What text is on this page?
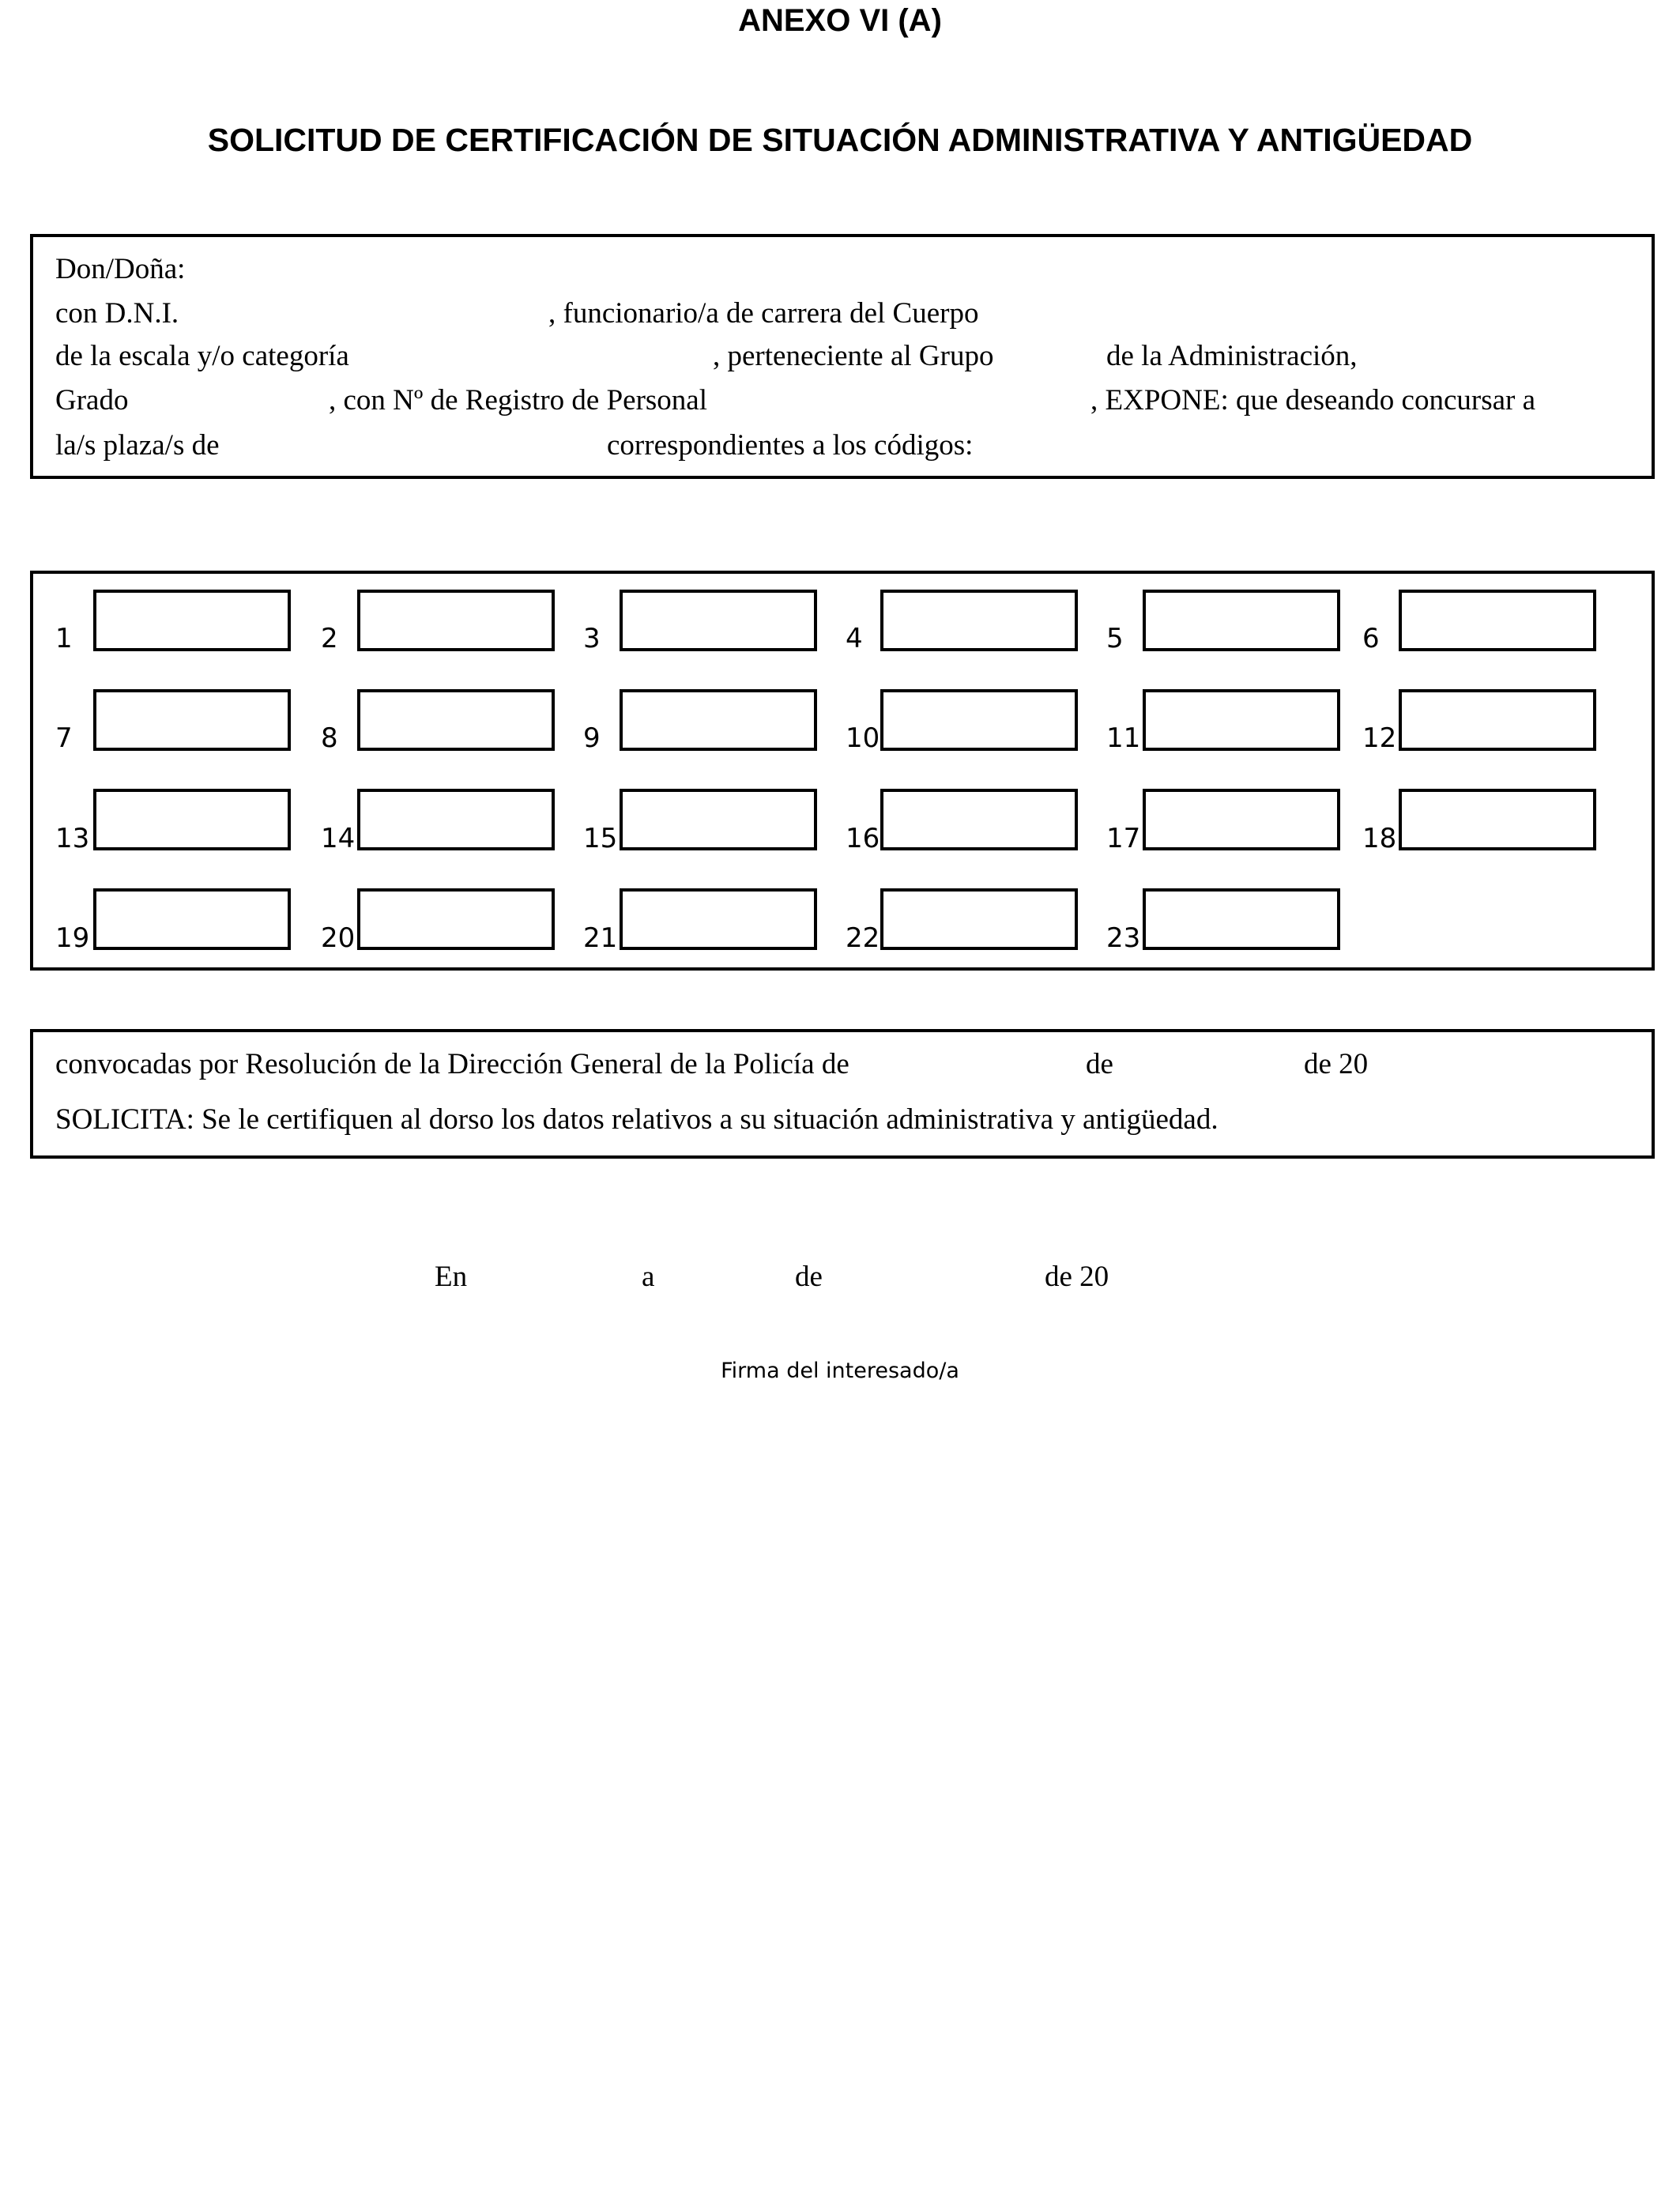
ANEXO VI (A)
SOLICITUD DE CERTIFICACIÓN DE SITUACIÓN ADMINISTRATIVA Y ANTIGÜEDAD
Don/Doña:
con D.N.I.	, funcionario/a de carrera del Cuerpo
de la escala y/o categoría	, perteneciente al Grupo	de la Administración,
Grado	, con Nº de Registro de Personal	, EXPONE: que deseando concursar a
la/s plaza/s de	correspondientes a los códigos:
1	2	3	4	5	6
7	8	9	10	11	12
13	14	15	16	17	18
19	20	21	22	23
convocadas por Resolución de la Dirección General de la Policía de	de	de 20
SOLICITA: Se le certifiquen al dorso los datos relativos a su situación administrativa y antigüedad.
En	a	de	de 20
Firma del interesado/a
